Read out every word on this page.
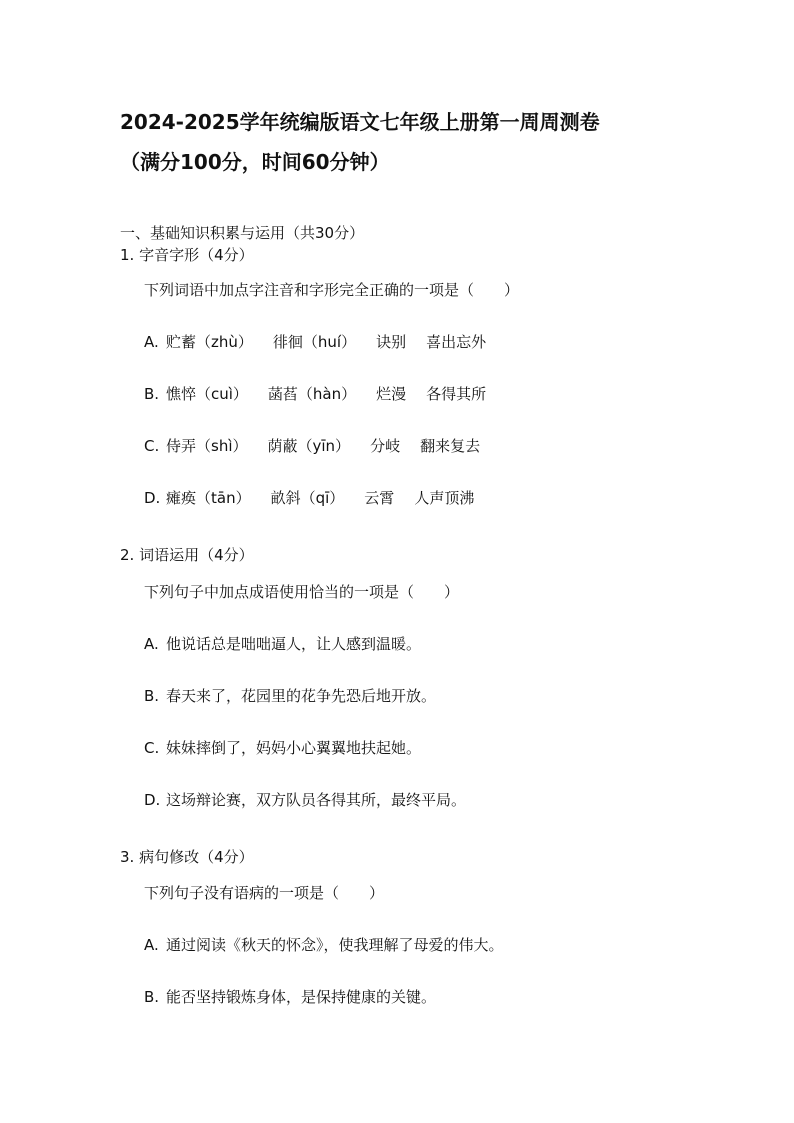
2024-2025学年统编版语文七年级上册第一周周测卷
（满分100分，时间60分钟）
一、基础知识积累与运用（共30分）
1. 字音字形（4分）
下列词语中加点字注音和字形完全正确的一项是（　　）
A. 贮蓄（zhù） 徘徊（huí） 诀别 喜出忘外
B. 憔悴（cuì） 菡萏（hàn） 烂漫 各得其所
C. 侍弄（shì） 荫蔽（yīn） 分岐 翻来复去
D. 瘫痪（tān） 畝斜（qī） 云霄 人声顶沸
2. 词语运用（4分）
下列句子中加点成语使用恰当的一项是（　　）
A. 他说话总是咄咄逼人，让人感到温暖。
B. 春天来了，花园里的花争先恐后地开放。
C. 妹妹摔倒了，妈妈小心翼翼地扶起她。
D. 这场辩论赛，双方队员各得其所，最终平局。
3. 病句修改（4分）
下列句子没有语病的一项是（　　）
A. 通过阅读《秋天的怀念》，使我理解了母爱的伟大。
B. 能否坚持锻炼身体，是保持健康的关键。
